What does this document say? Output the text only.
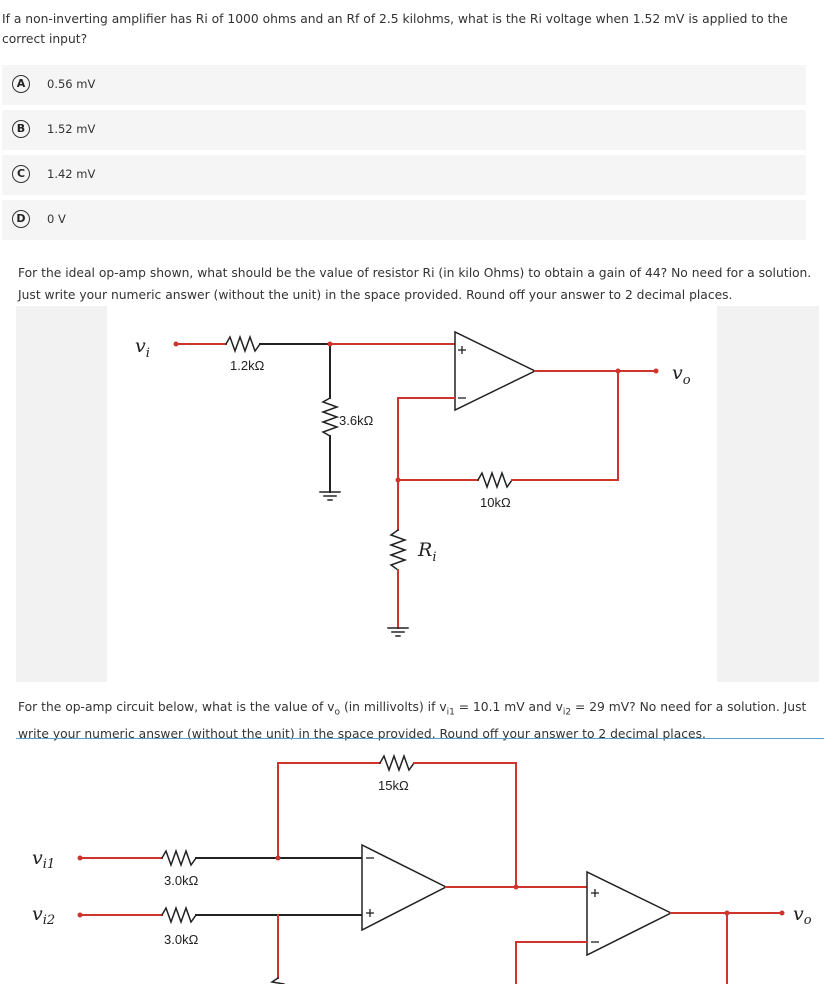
If a non-inverting amplifier has Ri of 1000 ohms and an Rf of 2.5 kilohms, what is the Ri voltage when 1.52 mV is applied to the correct input?
A	0.56 mV
B	1.52 mV
C	1.42 mV
D	0 V
For the ideal op-amp shown, what should be the value of resistor Ri (in kilo Ohms) to obtain a gain of 44? No need for a solution. Just write your numeric answer (without the unit) in the space provided. Round off your answer to 2 decimal places.
$v_i$
$v_o$
1.2kΩ
3.6kΩ
10kΩ
$R_i$
For the op-amp circuit below, what is the value of $v_o$ (in millivolts) if $v_{i1} = 10.1$ mV and $v_{i2} = 29$ mV? No need for a solution. Just write your numeric answer (without the unit) in the space provided. Round off your answer to 2 decimal places.
$v_{i1}$
$v_{i2}$	$v_o$
15kΩ
3.0kΩ
3.0kΩ
